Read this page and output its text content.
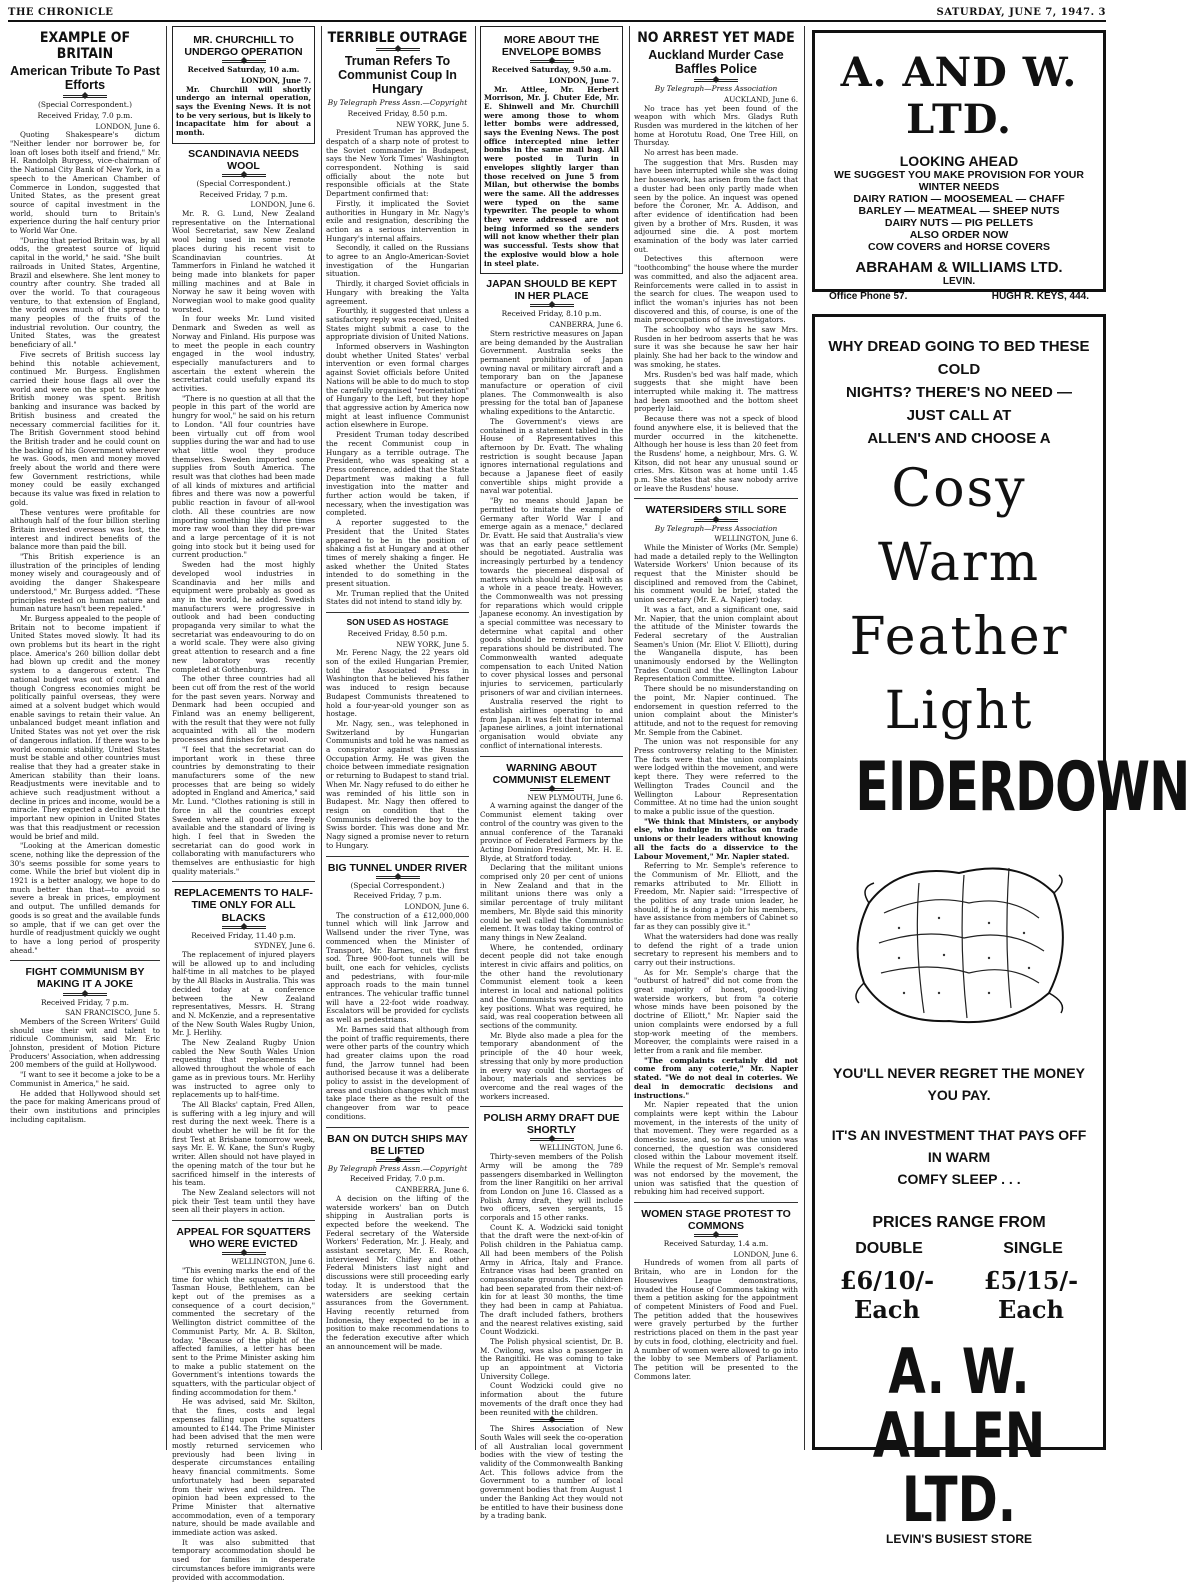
THE CHRONICLE	SATURDAY, JUNE 7, 1947. 3
EXAMPLE OF BRITAIN
American Tribute To Past Efforts
(Special Correspondent.)
Received Friday, 7.0 p.m.
LONDON, June 6.

Quoting Shakespeare's dictum "Neither lender nor borrower be, for loan oft loses both itself and friend," Mr. H. Randolph Burgess, vice-chairman of the National City Bank of New York, in a speech to the American Chamber of Commerce in London, suggested that United States, as the present great source of capital investment in the world, should turn to Britain's experience during the half century prior to World War One.

"During that period Britain was, by all odds, the greatest source of liquid capital in the world," he said. "She built railroads in United States, Argentine, Brazil and elsewhere. She lent money to country after country. She traded all over the world. To that courageous venture, to that extension of England, the world owes much of the spread to many peoples of the fruits of the industrial revolution. Our country, the United States, was the greatest beneficiary of all."

Five secrets of British success lay behind this notable achievement, continued Mr. Burgess. Englishmen carried their house flags all over the world and were on the spot to see how British money was spent. British banking and insurance was backed by British business and created the necessary commercial facilities for it. The British Government stood behind the British trader and he could count on the backing of his Government wherever he was. Goods, men and money moved freely about the world and there were few Government restrictions, while money could be easily exchanged because its value was fixed in relation to gold.

These ventures were profitable for although half of the four billion sterling Britain invested overseas was lost, the interest and indirect benefits of the balance more than paid the bill.

"This British experience is an illustration of the principles of lending money wisely and courageously and of avoiding the danger Shakespeare understood," Mr. Burgess added. "These principles rested on human nature and human nature hasn't been repealed."

Mr. Burgess appealed to the people of Britain not to become impatient if United States moved slowly. It had its own problems but its heart in the right place. America's 260 billion dollar debt had blown up credit and the money system to a dangerous extent. The national budget was out of control and though Congress economies might be politically painful overseas, they were aimed at a solvent budget which would enable savings to retain their value. An unbalanced budget meant inflation and United States was not yet over the risk of dangerous inflation. If there was to be world economic stability, United States must be stable and other countries must realise that they had a greater stake in American stability than their loans. Readjustments were inevitable and to achieve such readjustment without a decline in prices and income, would be a miracle. They expected a decline but the important new opinion in United States was that this readjustment or recession would be brief and mild.

"Looking at the American domestic scene, nothing like the depression of the 30's seems possible for some years to come. While the brief but violent dip in 1921 is a better analogy, we hope to do much better than that—to avoid so severe a break in prices, employment and output. The unfilled demands for goods is so great and the available funds so ample, that if we can get over the hurdle of readjustment quickly we ought to have a long period of prosperity ahead."

FIGHT COMMUNISM BY MAKING IT A JOKE
Received Friday, 7 p.m.
SAN FRANCISCO, June 5.

Members of the Screen Writers' Guild should use their wit and talent to ridicule Communism, said Mr. Eric Johnston, president of Motion Picture Producers' Association, when addressing 200 members of the guild at Hollywood.

"I want to see it become a joke to be a Communist in America," he said.

He added that Hollywood should set the pace for making Americans proud of their own institutions and principles including capitalism.

MR. CHURCHILL TO UNDERGO OPERATION
Received Saturday, 10 a.m.
LONDON, June 7.

Mr. Churchill will shortly undergo an internal operation, says the Evening News. It is not to be very serious, but is likely to incapacitate him for about a month.

SCANDINAVIA NEEDS WOOL
(Special Correspondent.)
Received Friday, 7 p.m.
LONDON, June 6.

Mr. R. G. Lund, New Zealand representative on the International Wool Secretariat, saw New Zealand wool being used in some remote places during his recent visit to Scandinavian countries. At Tammerfors in Finland he watched it being made into blankets for paper milling machines and at Bale in Norway he saw it being woven with Norwegian wool to make good quality worsted.

In four weeks Mr. Lund visited Denmark and Sweden as well as Norway and Finland. His purpose was to meet the people in each country engaged in the wool industry, especially manufacturers and to ascertain the extent wherein the secretariat could usefully expand its activities.

"There is no question at all that the people in this part of the world are hungry for wool," he said on his return to London. "All four countries have been virtually cut off from wool supplies during the war and had to use what little wool they produce themselves. Sweden imported some supplies from South America. The result was that clothes had been made of all kinds of mixtures and artificial fibres and there was now a powerful public reaction in favour of all-wool cloth. All these countries are now importing something like three times more raw wool than they did pre-war and a large percentage of it is not going into stock but it being used for current production."

Sweden had the most highly developed wool industries in Scandinavia and her mills and equipment were probably as good as any in the world, he added. Swedish manufacturers were progressive in outlook and had been conducting propaganda very similar to what the secretariat was endeavouring to do on a world scale. They were also giving great attention to research and a fine new laboratory was recently completed at Gothenburg.

The other three countries had all been cut off from the rest of the world for the past seven years. Norway and Denmark had been occupied and Finland was an enemy belligerent, with the result that they were not fully acquainted with all the modern processes and finishes for wool.

"I feel that the secretariat can do important work in these three countries by demonstrating to their manufacturers some of the new processes that are being so widely adopted in England and America," said Mr. Lund. "Clothes rationing is still in force in all the countries except Sweden where all goods are freely available and the standard of living is high. I feel that in Sweden the secretariat can do good work in collaborating with manufacturers who themselves are enthusiastic for high quality materials."

REPLACEMENTS TO HALF-TIME ONLY FOR ALL BLACKS
Received Friday, 11.40 p.m.
SYDNEY, June 6.

The replacement of injured players will be allowed up to and including half-time in all matches to be played by the All Blacks in Australia. This was decided today at a conference between the New Zealand representatives, Messrs. H. Strang and N. McKenzie, and a representative of the New South Wales Rugby Union, Mr. J. Herlihy.

The New Zealand Rugby Union cabled the New South Wales Union requesting that replacements be allowed throughout the whole of each game as in previous tours. Mr. Herlihy was instructed to agree only to replacements up to half-time.

The All Blacks' captain, Fred Allen, is suffering with a leg injury and will rest during the next week. There is a doubt whether he will be fit for the first Test at Brisbane tomorrow week, says Mr. E. W. Kane, the Sun's Rugby writer. Allen should not have played in the opening match of the tour but he sacrificed himself in the interests of his team.

The New Zealand selectors will not pick their Test team until they have seen all their players in action.

APPEAL FOR SQUATTERS WHO WERE EVICTED
WELLINGTON, June 6.

"This evening marks the end of the time for which the squatters in Abel Tasman House, Bethlehem, can be kept out of the premises as a consequence of a court decision," commented the secretary of the Wellington district committee of the Communist Party, Mr. A. B. Skilton, today. "Because of the plight of the affected families, a letter has been sent to the Prime Minister asking him to make a public statement on the Government's intentions towards the squatters, with the particular object of finding accommodation for them."

He was advised, said Mr. Skilton, that the fines, costs and legal expenses falling upon the squatters amounted to £144. The Prime Minister had been advised that the men were mostly returned servicemen who previously had been living in desperate circumstances entailing heavy financial commitments. Some unfortunately had been separated from their wives and children. The opinion had been expressed to the Prime Minister that alternative accommodation, even of a temporary nature, should be made available and immediate action was asked.

It was also submitted that temporary accommodation should be used for families in desperate circumstances before immigrants were provided with accommodation.

TERRIBLE OUTRAGE
Truman Refers To Communist Coup In Hungary
By Telegraph Press Assn.—Copyright
Received Friday, 8.50 p.m.
NEW YORK, June 5.

President Truman has approved the despatch of a sharp note of protest to the Soviet commander in Budapest, says the New York Times' Washington correspondent. Nothing is said officially about the note but responsible officials at the State Department confirmed that:

Firstly, it implicated the Soviet authorities in Hungary in Mr. Nagy's exile and resignation, describing the action as a serious intervention in Hungary's internal affairs.

Secondly, it called on the Russians to agree to an Anglo-American-Soviet investigation of the Hungarian situation.

Thirdly, it charged Soviet officials in Hungary with breaking the Yalta agreement.

Fourthly, it suggested that unless a satisfactory reply was received, United States might submit a case to the appropriate division of United Nations.

Informed observers in Washington doubt whether United States' verbal intervention or even formal charges against Soviet officials before United Nations will be able to do much to stop the carefully organised "reorientation" of Hungary to the Left, but they hope that aggressive action by America now might at least influence Communist action elsewhere in Europe.

President Truman today described the recent Communist coup in Hungary as a terrible outrage. The President, who was speaking at a Press conference, added that the State Department was making a full investigation into the matter and further action would be taken, if necessary, when the investigation was completed.

A reporter suggested to the President that the United States appeared to be in the position of shaking a fist at Hungary and at other times of merely shaking a finger. He asked whether the United States intended to do something in the present situation.

Mr. Truman replied that the United States did not intend to stand idly by.

SON USED AS HOSTAGE
Received Friday, 8.50 p.m.
NEW YORK, June 5.

Mr. Ferenc Nagy, the 22 years old son of the exiled Hungarian Premier, told the Associated Press in Washington that he believed his father was induced to resign because Budapest Communists threatened to hold a four-year-old younger son as hostage.

Mr. Nagy, sen., was telephoned in Switzerland by Hungarian Communists and told he was named as a conspirator against the Russian Occupation Army. He was given the choice between immediate resignation or returning to Budapest to stand trial. When Mr. Nagy refused to do either he was reminded of his little son in Budapest. Mr. Nagy then offered to resign on condition that the Communists delivered the boy to the Swiss border. This was done and Mr. Nagy signed a promise never to return to Hungary.

BIG TUNNEL UNDER RIVER
(Special Correspondent.)
Received Friday, 7 p.m.
LONDON, June 6.

The construction of a £12,000,000 tunnel which will link Jarrow and Wallsend under the river Tyne, was commenced when the Minister of Transport, Mr. Barnes, cut the first sod. Three 900-foot tunnels will be built, one each for vehicles, cyclists and pedestrians, with four-mile approach roads to the main tunnel entrances. The vehicular traffic tunnel will have a 22-foot wide roadway. Escalators will be provided for cyclists as well as pedestrians.

Mr. Barnes said that although from the point of traffic requirements, there were other parts of the country which had greater claims upon the road fund, the Jarrow tunnel had been authorised because it was a deliberate policy to assist in the development of areas and cushion changes which must take place there as the result of the changeover from war to peace conditions.

BAN ON DUTCH SHIPS MAY BE LIFTED
By Telegraph Press Assn.—Copyright
Received Friday, 7.0 p.m.
CANBERRA, June 6.

A decision on the lifting of the waterside workers' ban on Dutch shipping in Australian ports is expected before the weekend. The Federal secretary of the Waterside Workers' Federation, Mr. J. Healy, and assistant secretary, Mr. E. Roach, interviewed Mr. Chifley and other Federal Ministers last night and discussions were still proceeding early today. It is understood that the watersiders are seeking certain assurances from the Government. Having recently returned from Indonesia, they expected to be in a position to make recommendations to the federation executive after which an announcement will be made.

MORE ABOUT THE ENVELOPE BOMBS
Received Saturday, 9.50 a.m.
LONDON, June 7.

Mr. Attlee, Mr. Herbert Morrison, Mr. J. Chuter Ede, Mr. E. Shinwell and Mr. Churchill were among those to whom letter bombs were addressed, says the Evening News. The post office intercepted nine letter bombs in the same mail bag. All were posted in Turin in envelopes slightly larger than those received on June 5 from Milan, but otherwise the bombs were the same. All the addresses were typed on the same typewriter. The people to whom they were addressed are not being informed so the senders will not know whether their plan was successful. Tests show that the explosive would blow a hole in steel plate.

JAPAN SHOULD BE KEPT IN HER PLACE
Received Friday, 8.10 p.m.
CANBERRA, June 6.

Stern restrictive measures on Japan are being demanded by the Australian Government. Australia seeks the permanent prohibition of Japan owning naval or military aircraft and a temporary ban on the Japanese manufacture or operation of civil planes. The Commonwealth is also pressing for the total ban of Japanese whaling expeditions to the Antarctic.

The Government's views are contained in a statement tabled in the House of Representatives this afternoon by Dr. Evatt. The whaling restriction is sought because Japan ignores international regulations and because a Japanese fleet of easily convertible ships might provide a naval war potential.

"By no means should Japan be permitted to imitate the example of Germany after World War I and emerge again as a menace," declared Dr. Evatt. He said that Australia's view was that an early peace settlement should be negotiated. Australia was increasingly perturbed by a tendency towards the piecemeal disposal of matters which should be dealt with as a whole in a peace treaty. However, the Commonwealth was not pressing for reparations which would cripple Japanese economy. An investigation by a special committee was necessary to determine what capital and other goods should be removed and how reparations should be distributed. The Commonwealth wanted adequate compensation to each United Nation to cover physical losses and personal injuries to servicemen, particularly prisoners of war and civilian internees.

Australia reserved the right to establish airlines operating to and from Japan. It was felt that for internal Japanese airlines, a joint international organisation would obviate any conflict of international interests.

WARNING ABOUT COMMUNIST ELEMENT
NEW PLYMOUTH, June 6.

A warning against the danger of the Communist element taking over control of the country was given to the annual conference of the Taranaki province of Federated Farmers by the Acting Dominion President, Mr. H. E. Blyde, at Stratford today.

Declaring that the militant unions comprised only 20 per cent of unions in New Zealand and that in the militant unions there was only a similar percentage of truly militant members, Mr. Blyde said this minority could be well called the Communistic element. It was today taking control of many things in New Zealand.

Where, he contended, ordinary decent people did not take enough interest in civic affairs and politics, on the other hand the revolutionary Communist element took a keen interest in local and national politics and the Communists were getting into key positions. What was required, he said, was real cooperation between all sections of the community.

Mr. Blyde also made a plea for the temporary abandonment of the principle of the 40 hour week, stressing that only by more production in every way could the shortages of labour, materials and services be overcome and the real wages of the workers increased.

POLISH ARMY DRAFT DUE SHORTLY
WELLINGTON, June 6.

Thirty-seven members of the Polish Army will be among the 789 passengers disembarked in Wellington from the liner Rangitiki on her arrival from London on June 16. Classed as a Polish Army draft, they will include two officers, seven sergeants, 15 corporals and 15 other ranks.

Count K. A. Wodzicki said tonight that the draft were the next-of-kin of Polish children in the Pahiatua camp. All had been members of the Polish Army in Africa, Italy and France. Entrance visas had been granted on compassionate grounds. The children had been separated from their next-of-kin for at least 30 months, the time they had been in camp at Pahiatua. The draft included fathers, brothers and the nearest relatives existing, said Count Wodzicki.

The Polish physical scientist, Dr. B. M. Cwilong, was also a passenger in the Rangitiki. He was coming to take up an appointment at Victoria University College.

Count Wodzicki could give no information about the future movements of the draft once they had been reunited with the children.

The Shires Association of New South Wales will seek the co-operation of all Australian local government bodies with the view of testing the validity of the Commonwealth Banking Act. This follows advice from the Government to a number of local government bodies that from August 1 under the Banking Act they would not be entitled to have their business done by a trading bank.

NO ARREST YET MADE
Auckland Murder Case Baffles Police
By Telegraph—Press Association
AUCKLAND, June 6.

No trace has yet been found of the weapon with which Mrs. Gladys Ruth Rusden was murdered in the kitchen of her home at Horotutu Road, One Tree Hill, on Thursday.

No arrest has been made.

The suggestion that Mrs. Rusden may have been interrupted while she was doing her housework, has arisen from the fact that a duster had been only partly made when seen by the police. An inquest was opened before the Coroner, Mr. A. Addison, and after evidence of identification had been given by a brother of Mrs. Rusden, it was adjourned sine die. A post mortem examination of the body was later carried out.

Detectives this afternoon were "toothcombing" the house where the murder was committed, and also the adjacent area. Reinforcements were called in to assist in the search for clues. The weapon used to inflict the woman's injuries has not been discovered and this, of course, is one of the main preoccupations of the investigators.

The schoolboy who says he saw Mrs. Rusden in her bedroom asserts that he was sure it was she because he saw her hair plainly. She had her back to the window and was smoking, he states.

Mrs. Rusden's bed was half made, which suggests that she might have been interrupted while making it. The mattress had been smoothed and the bottom sheet properly laid.

Because there was not a speck of blood found anywhere else, it is believed that the murder occurred in the kitchenette. Although her house is less than 20 feet from the Rusdens' home, a neighbour, Mrs. G. W. Kitson, did not hear any unusual sound or cries. Mrs. Kitson was at home until 1.45 p.m. She states that she saw nobody arrive or leave the Rusdens' house.

WATERSIDERS STILL SORE
By Telegraph—Press Association
WELLINGTON, June 6.

While the Minister of Works (Mr. Semple) had made a detailed reply to the Wellington Waterside Workers' Union because of its request that the Minister should be disciplined and removed from the Cabinet, his comment would be brief, stated the union secretary (Mr. E. A. Napier) today.

It was a fact, and a significant one, said Mr. Napier, that the union complaint about the attitude of the Minister towards the Federal secretary of the Australian Seamen's Union (Mr. Eliot V. Elliott), during the Wanganella dispute, has been unanimously endorsed by the Wellington Trades Council and the Wellington Labour Representation Committee.

There should be no misunderstanding on the point, Mr. Napier continued. The endorsement in question referred to the union complaint about the Minister's attitude, and not to the request for removing Mr. Semple from the Cabinet.

The union was not responsible for any Press controversy relating to the Minister. The facts were that the union complaints were lodged within the movement, and were kept there. They were referred to the Wellington Trades Council and the Wellington Labour Representation Committee. At no time had the union sought to make a public issue of the question.

"We think that Ministers, or anybody else, who indulge in attacks on trade unions or their leaders without knowing all the facts do a disservice to the Labour Movement," Mr. Napier stated.

Referring to Mr. Semple's reference to the Communism of Mr. Elliott, and the remarks attributed to Mr. Elliott in Freedom, Mr. Napier said: "Irrespective of the politics of any trade union leader, he should, if he is doing a job for his members, have assistance from members of Cabinet so far as they can possibly give it."

What the watersiders had done was really to defend the right of a trade union secretary to represent his members and to carry out their instructions.

As for Mr. Semple's charge that the "outburst of hatred" did not come from the great majority of honest, good-living waterside workers, but from "a coterie whose minds have been poisoned by the doctrine of Elliott," Mr. Napier said the union complaints were endorsed by a full stop-work meeting of the members. Moreover, the complaints were raised in a letter from a rank and file member.

"The complaints certainly did not come from any coterie," Mr. Napier stated. "We do not deal in coteries. We deal in democratic decisions and instructions."

Mr. Napier repeated that the union complaints were kept within the Labour movement, in the interests of the unity of that movement. They were regarded as a domestic issue, and, so far as the union was concerned, the question was considered closed within the Labour movement itself. While the request of Mr. Semple's removal was not endorsed by the movement, the union was satisfied that the question of rebuking him had received support.

WOMEN STAGE PROTEST TO COMMONS
Received Saturday, 1.4 a.m.
LONDON, June 6.

Hundreds of women from all parts of Britain, who are in London for the Housewives League demonstrations, invaded the House of Commons taking with them a petition asking for the appointment of competent Ministers of Food and Fuel. The petition added that the housewives were gravely perturbed by the further restrictions placed on them in the past year by cuts in food, clothing, electricity and fuel. A number of women were allowed to go into the lobby to see Members of Parliament. The petition will be presented to the Commons later.

A. AND W. LTD.
LOOKING AHEAD
WE SUGGEST YOU MAKE PROVISION FOR YOUR WINTER NEEDS
DAIRY RATION — MOOSEMEAL — CHAFF
BARLEY — MEATMEAL — SHEEP NUTS
DAIRY NUTS — PIG PELLETS
ALSO ORDER NOW
COW COVERS and HORSE COVERS
ABRAHAM & WILLIAMS LTD.
LEVIN.
Office Phone 57.	HUGH R. KEYS, 444.
WHY DREAD GOING TO BED THESE COLD
NIGHTS? THERE'S NO NEED — JUST CALL AT
ALLEN'S AND CHOOSE A
Cosy
Warm
Feather
Light
EIDERDOWN
YOU'LL NEVER REGRET THE MONEY YOU PAY.
IT'S AN INVESTMENT THAT PAYS OFF IN WARM
COMFY SLEEP . . .
PRICES RANGE FROM
DOUBLE	SINGLE
£6/10/- Each
£5/15/- Each
A. W. ALLEN LTD.
LEVIN'S BUSIEST STORE
